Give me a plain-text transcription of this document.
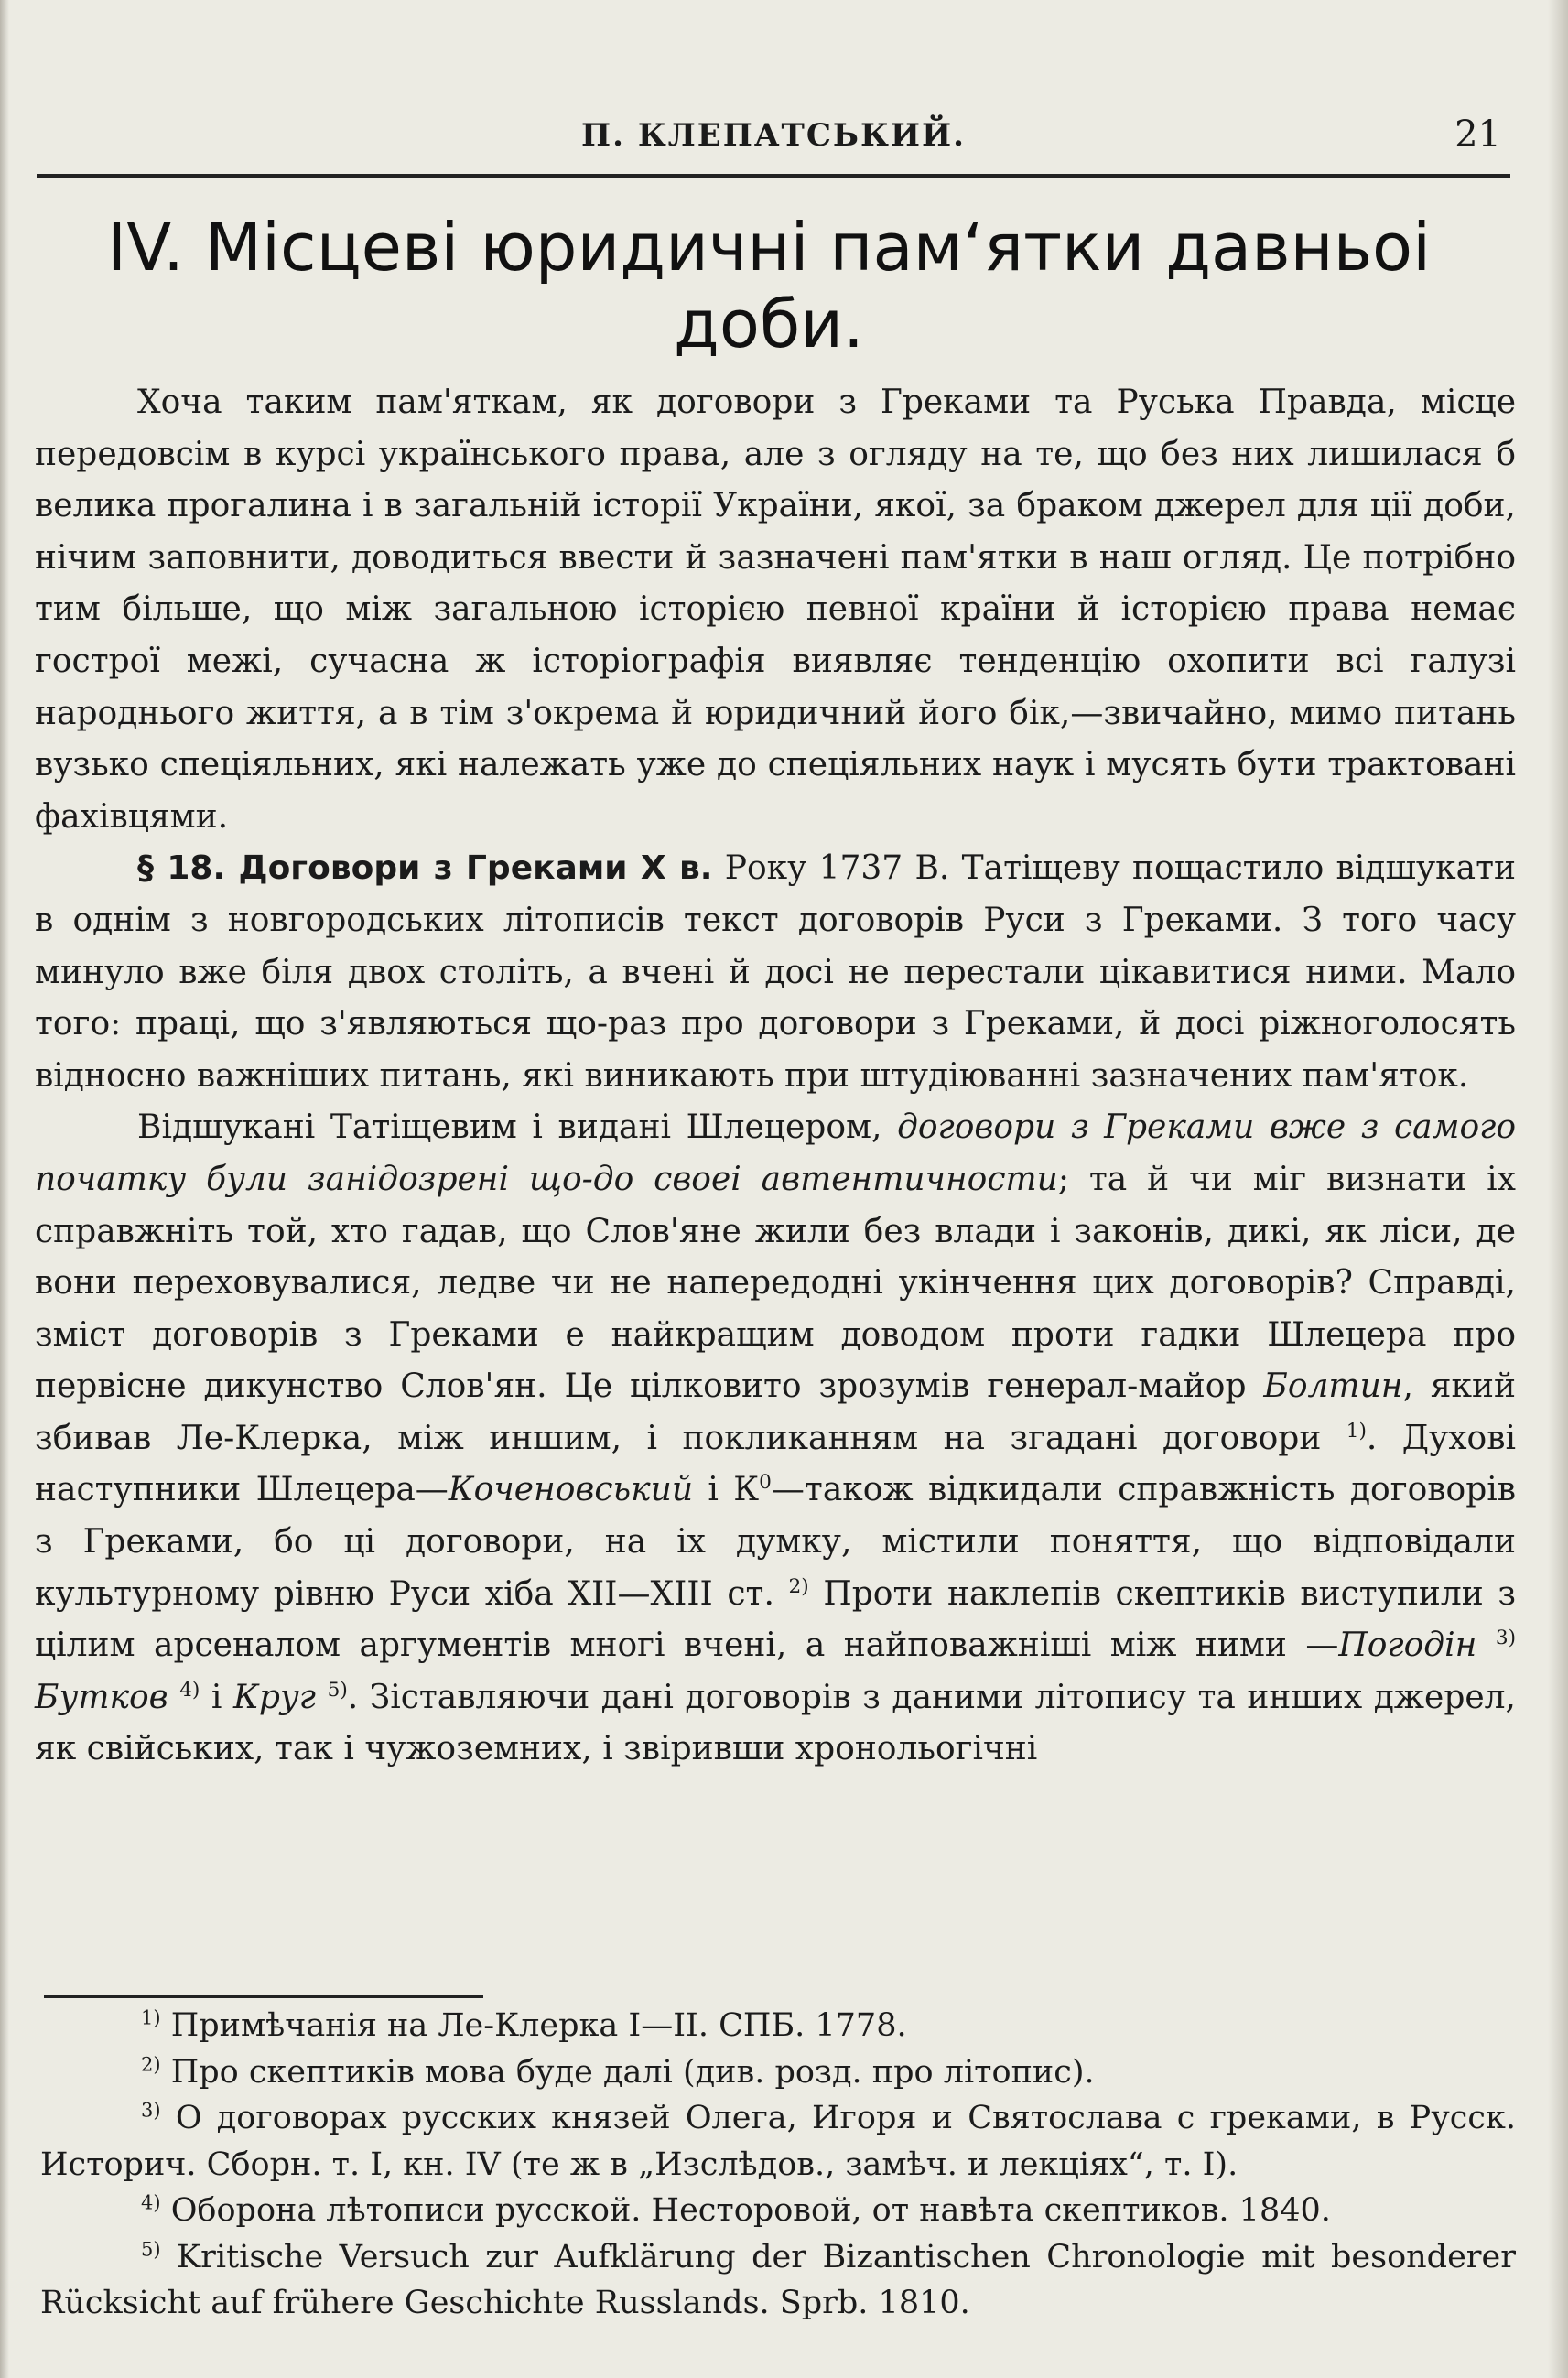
П. КЛЕПАТСЬКИЙ.	21
IV. Місцеві юридичні пам‘ятки давньоі
доби.

Хоча таким пам'яткам, як договори з Греками та Руська Правда, місце передовсім в курсі українського права, але з огляду на те, що без них лишилася б велика прогалина і в загальній історії України, якої, за браком джерел для ції доби, нічим заповнити, доводиться ввести й зазначені пам'ятки в наш огляд. Це потрібно тим більше, що між загальною історією певної країни й історією права немає гострої межі, сучасна ж історіографія виявляє тенденцію охопити всі галузі народнього життя, а в тім з'окрема й юридичний його бік,—звичайно, мимо питань вузько спеціяльних, які належать уже до спеціяльних наук і мусять бути трактовані фахівцями.

§ 18. Договори з Греками X в. Року 1737 В. Татіщеву пощастило відшукати в однім з новгородських літописів текст договорів Руси з Греками. З того часу минуло вже біля двох століть, а вчені й досі не перестали цікавитися ними. Мало того: праці, що з'являються що-раз про договори з Греками, й досі ріжноголосять відносно важніших питань, які виникають при штудіюванні зазначених пам'яток.

Відшукані Татіщевим і видані Шлецером, договори з Греками вже з самого початку були занідозрені що-до своеі автентичности; та й чи міг визнати іх справжніть той, хто гадав, що Слов'яне жили без влади і законів, дикі, як ліси, де вони переховувалися, ледве чи не напередодні укінчення цих договорів? Справді, зміст договорів з Греками е найкращим доводом проти гадки Шлецера про первісне дикунство Слов'ян. Це цілковито зрозумів генерал-майор Болтин, який збивав Ле-Клерка, між иншим, і покликанням на згадані договори $^{1)}$. Духові наступники Шлецера—Коченовський і $К^0—також$ відкидали справжність договорів з Греками, бо ці договори, на іх думку, містили поняття, що відповідали культурному рівню Руси хіба XII—XIII ст. $^{2)}$ Проти наклепів скептиків виступили з цілим арсеналом аргументів многі вчені, а найповажніші між ними —Погодін $^{3)}$ Бутков $^{4)}$ і Круг $^{5)}$. Зіставляючи дані договорів з даними літопису та инших джерел, як свійських, так і чужоземних, і звіривши хронольогічні

$^{1)}$ Примѣчанія на Ле-Клерка I—II. СПБ. 1778.

$^{2)}$ Про скептиків мова буде далі (див. розд. про літопис).

$^{3)}$ О договорах русских князей Олега, Игоря и Святослава с греками, в Русск. Историч. Сборн. т. I, кн. IV (те ж в „Изслѣдов., замѣч. и лекціях“, т. I).

$^{4)}$ Оборона лѣтописи русской. Несторовой, от навѣта скептиков. 1840.

$^{5)}$ Kritische Versuch zur Aufklärung der Bizantischen Chronologie mit besonderer Rücksicht auf frühere Geschichte Russlands. Sprb. 1810.
